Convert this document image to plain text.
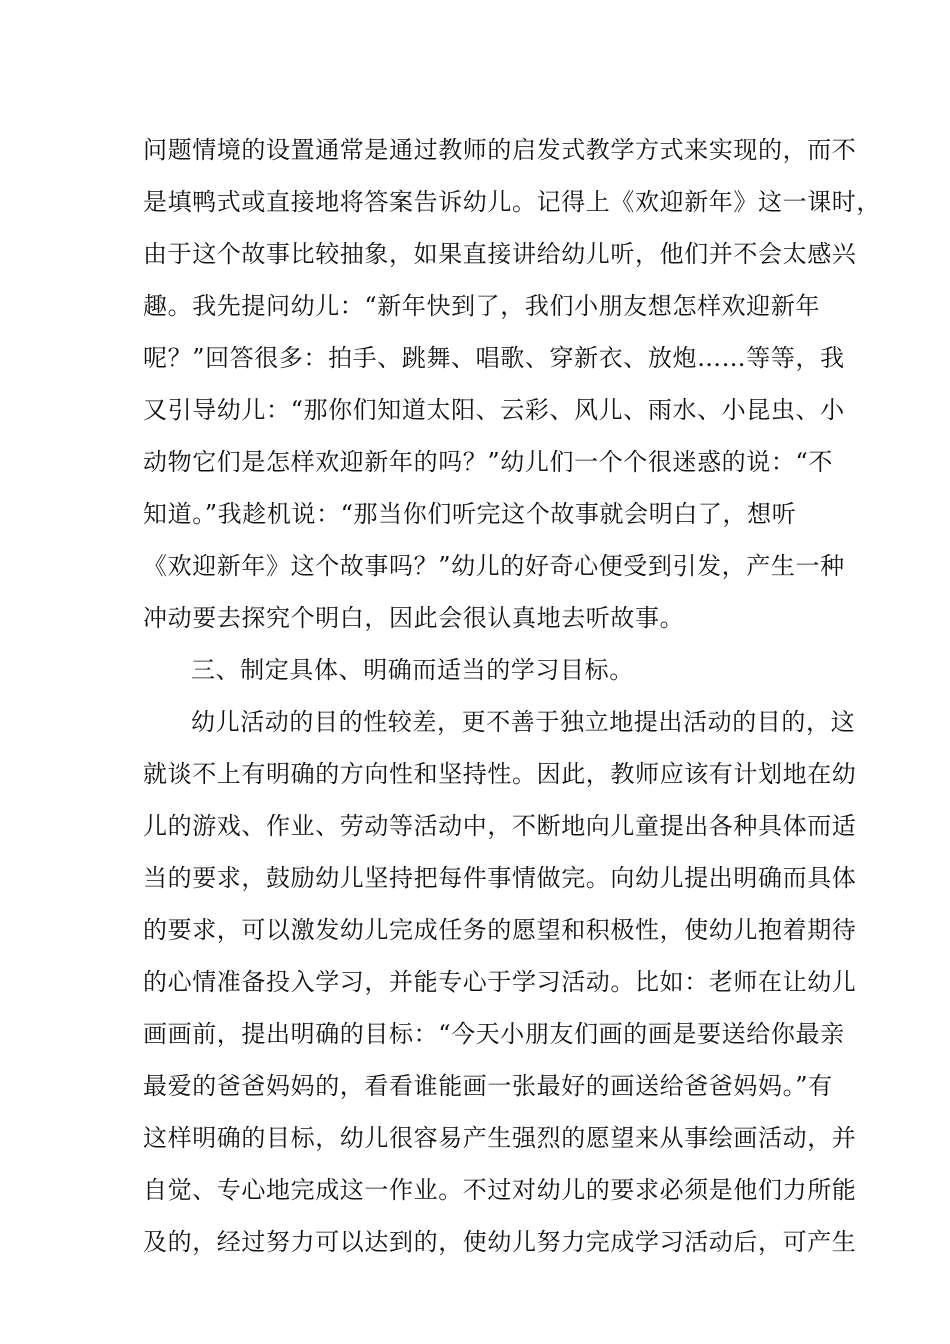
问题情境的设置通常是通过教师的启发式教学方式来实现的，而不
是填鸭式或直接地将答案告诉幼儿。记得上《欢迎新年》这一课时，
由于这个故事比较抽象，如果直接讲给幼儿听，他们并不会太感兴
趣。我先提问幼儿：“新年快到了，我们小朋友想怎样欢迎新年
呢？”回答很多：拍手、跳舞、唱歌、穿新衣、放炮……等等，我
又引导幼儿：“那你们知道太阳、云彩、风儿、雨水、小昆虫、小
动物它们是怎样欢迎新年的吗？”幼儿们一个个很迷惑的说：“不
知道。”我趁机说：“那当你们听完这个故事就会明白了，想听
《欢迎新年》这个故事吗？”幼儿的好奇心便受到引发，产生一种
冲动要去探究个明白，因此会很认真地去听故事。
三、制定具体、明确而适当的学习目标。
幼儿活动的目的性较差，更不善于独立地提出活动的目的，这
就谈不上有明确的方向性和坚持性。因此，教师应该有计划地在幼
儿的游戏、作业、劳动等活动中，不断地向儿童提出各种具体而适
当的要求，鼓励幼儿坚持把每件事情做完。向幼儿提出明确而具体
的要求，可以激发幼儿完成任务的愿望和积极性，使幼儿抱着期待
的心情准备投入学习，并能专心于学习活动。比如：老师在让幼儿
画画前，提出明确的目标：“今天小朋友们画的画是要送给你最亲
最爱的爸爸妈妈的，看看谁能画一张最好的画送给爸爸妈妈。”有
这样明确的目标，幼儿很容易产生强烈的愿望来从事绘画活动，并
自觉、专心地完成这一作业。不过对幼儿的要求必须是他们力所能
及的，经过努力可以达到的，使幼儿努力完成学习活动后，可产生
